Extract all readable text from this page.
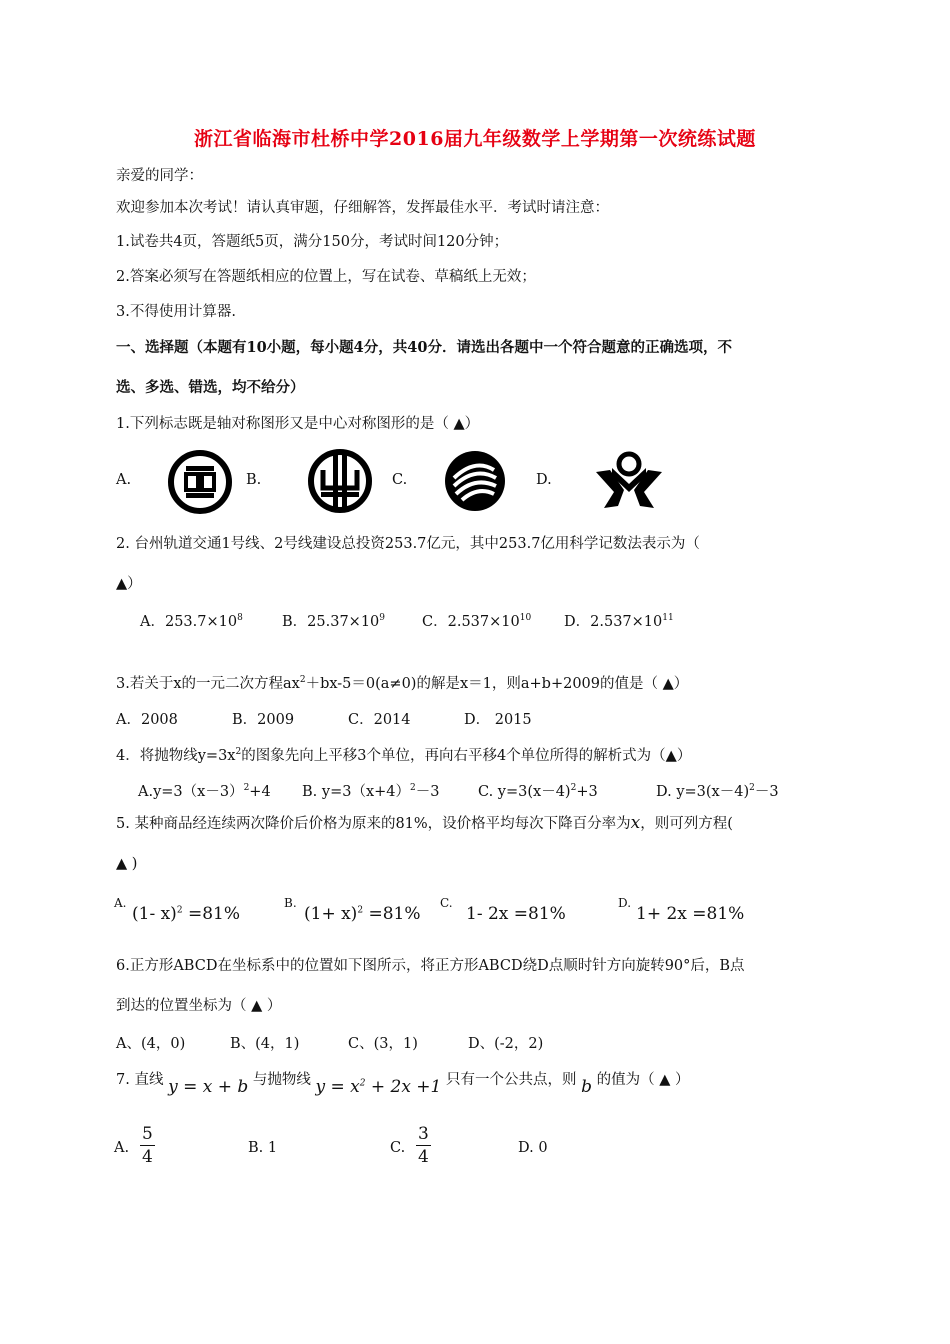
浙江省临海市杜桥中学2016届九年级数学上学期第一次统练试题
亲爱的同学：
欢迎参加本次考试！请认真审题，仔细解答，发挥最佳水平．考试时请注意：
1.试卷共4页，答题纸5页，满分150分，考试时间120分钟；
2.答案必须写在答题纸相应的位置上，写在试卷、草稿纸上无效；
3.不得使用计算器.
一、选择题（本题有10小题，每小题4分，共40分．请选出各题中一个符合题意的正确选项，不
选、多选、错选，均不给分）
1.下列标志既是轴对称图形又是中心对称图形的是（ ▲）
A.	B.	C.	D.
2. 台州轨道交通1号线、2号线建设总投资253.7亿元，其中253.7亿用科学记数法表示为（
▲）
A．$253.7\times 10^8$	B．$25.37\times 10^9$	C．$2.537\times 10^{10}$ D．$2.537\times 10^{11}$
3.若关于x的一元二次方程$ax^2+bx-5=0(a\ne 0)$的解是x＝1，则a+b+2009的值是（ ▲）
A．2008	B．2009	C．2014	D． 2015
4．将抛物线$y=3x^2$的图象先向上平移3个单位，再向右平移4个单位所得的解析式为（▲）
$A.y=3(x-3)^2+4$ B. $y=3(x+4)^2-3$	C. $y=3(x-4)^2+3$	D. $y=3(x-4)^2-3$
5. 某种商品经连续两次降价后价格为原来的81%，设价格平均每次下降百分率为x，则可列方程(
▲ )
A.
(1- x)$^2$ =81%
B.
$(1+ x)^2 =81\%$
C.
1- 2x =81%
D.
1+ 2x =81%
6.正方形ABCD在坐标系中的位置如下图所示，将正方形ABCD绕D点顺时针方向旋转90°后，B点
到达的位置坐标为（ ▲ ）
A、(4，0)	B、(4，1)	C、(3，1)	D、(-2，2)
7. 直线 y = x + b 与抛物线 $y = x^2 + 2x +1$ 只有一个公共点，则 b 的值为（ ▲ ）
A. $\frac{5}{4}$	B. 1	C. $\frac{3}{4}$	D. 0
